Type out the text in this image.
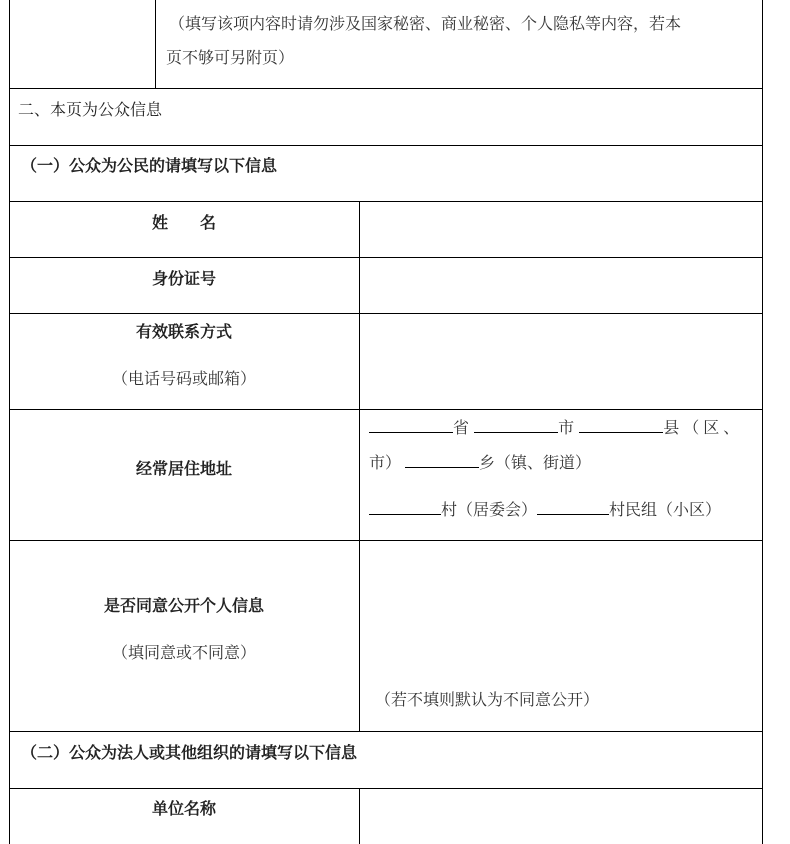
（填写该项内容时请勿涉及国家秘密、商业秘密、个人隐私等内容，若本
页不够可另附页）
二、本页为公众信息
（一）公众为公民的请填写以下信息
姓　　名
身份证号
有效联系方式
（电话号码或邮箱）
经常居住地址
省	市	县（区、
市）	乡（镇、街道）
村（居委会）	村民组（小区）
是否同意公开个人信息
（填同意或不同意）
（若不填则默认为不同意公开）
（二）公众为法人或其他组织的请填写以下信息
单位名称
